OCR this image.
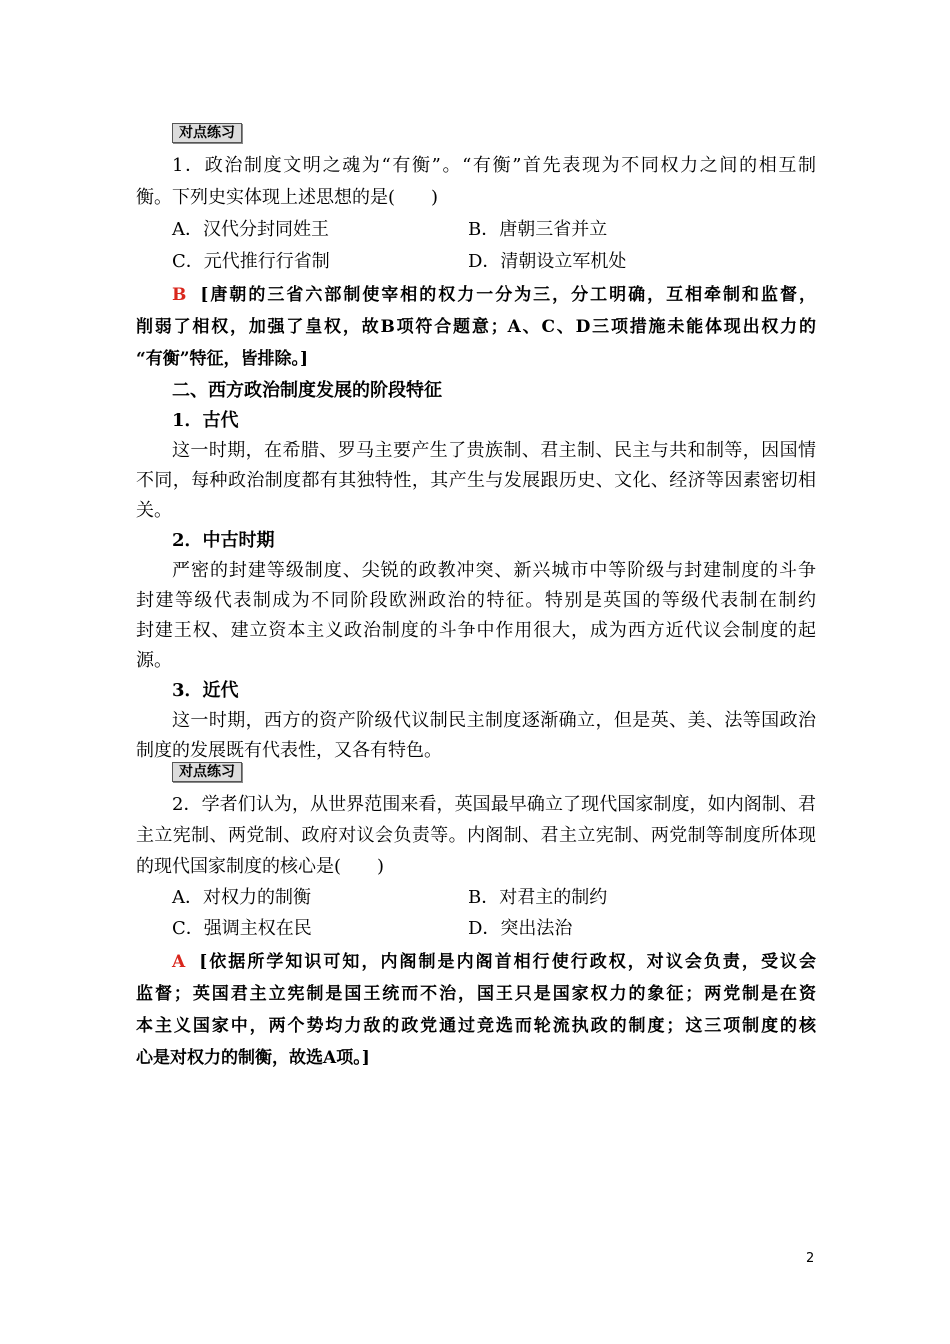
对点练习
1．政治制度文明之魂为“有衡”。“有衡”首先表现为不同权力之间的相互制
衡。下列史实体现上述思想的是(　　)
A．汉代分封同姓王	B．唐朝三省并立
C．元代推行行省制	D．清朝设立军机处
B [唐朝的三省六部制使宰相的权力一分为三，分工明确，互相牵制和监督，
削弱了相权，加强了皇权，故B项符合题意；A、C、D三项措施未能体现出权力的
“有衡”特征，皆排除。]
二、西方政治制度发展的阶段特征
1．古代
这一时期，在希腊、罗马主要产生了贵族制、君主制、民主与共和制等，因国情
不同，每种政治制度都有其独特性，其产生与发展跟历史、文化、经济等因素密切相
关。
2．中古时期
严密的封建等级制度、尖锐的政教冲突、新兴城市中等阶级与封建制度的斗争
封建等级代表制成为不同阶段欧洲政治的特征。特别是英国的等级代表制在制约
封建王权、建立资本主义政治制度的斗争中作用很大，成为西方近代议会制度的起
源。
3．近代
这一时期，西方的资产阶级代议制民主制度逐渐确立，但是英、美、法等国政治
制度的发展既有代表性，又各有特色。
对点练习
2．学者们认为，从世界范围来看，英国最早确立了现代国家制度，如内阁制、君
主立宪制、两党制、政府对议会负责等。内阁制、君主立宪制、两党制等制度所体现
的现代国家制度的核心是(　　)
A．对权力的制衡	B．对君主的制约
C．强调主权在民	D．突出法治
A [依据所学知识可知，内阁制是内阁首相行使行政权，对议会负责，受议会
监督；英国君主立宪制是国王统而不治，国王只是国家权力的象征；两党制是在资
本主义国家中，两个势均力敌的政党通过竞选而轮流执政的制度；这三项制度的核
心是对权力的制衡，故选A项。]
2
